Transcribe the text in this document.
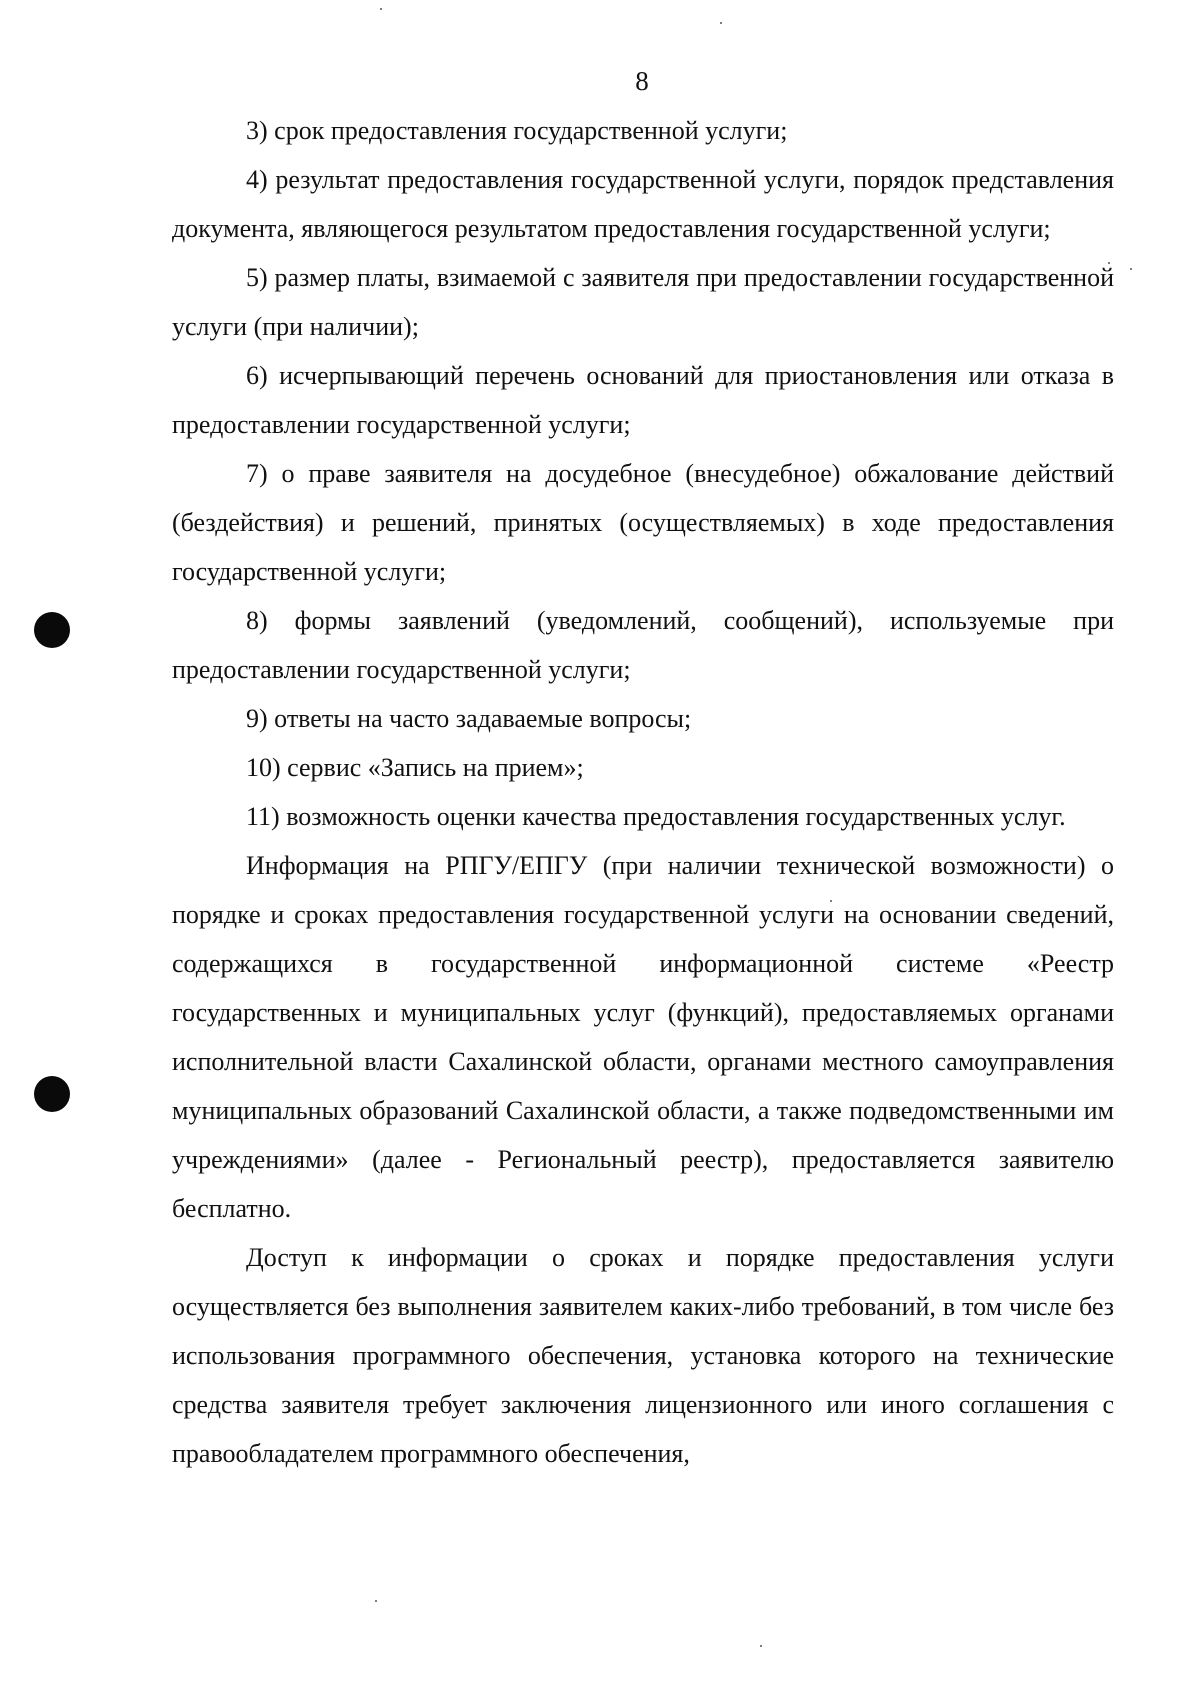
8

3) срок предоставления государственной услуги;

4) результат предоставления государственной услуги, порядок представления документа, являющегося результатом предоставления государственной услуги;

5) размер платы, взимаемой с заявителя при предоставлении государственной услуги (при наличии);

6) исчерпывающий перечень оснований для приостановления или отказа в предоставлении государственной услуги;

7) о праве заявителя на досудебное (внесудебное) обжалование действий (бездействия) и решений, принятых (осуществляемых) в ходе предоставления государственной услуги;

8) формы заявлений (уведомлений, сообщений), используемые при предоставлении государственной услуги;

9) ответы на часто задаваемые вопросы;

10) сервис «Запись на прием»;

11) возможность оценки качества предоставления государственных услуг.

Информация на РПГУ/ЕПГУ (при наличии технической возможности) о порядке и сроках предоставления государственной услуги на основании сведений, содержащихся в государственной информационной системе «Реестр государственных и муниципальных услуг (функций), предоставляемых органами исполнительной власти Сахалинской области, органами местного самоуправления муниципальных образований Сахалинской области, а также подведомственными им учреждениями» (далее - Региональный реестр), предоставляется заявителю бесплатно.

Доступ к информации о сроках и порядке предоставления услуги осуществляется без выполнения заявителем каких-либо требований, в том числе без использования программного обеспечения, установка которого на технические средства заявителя требует заключения лицензионного или иного соглашения с правообладателем программного обеспечения,
